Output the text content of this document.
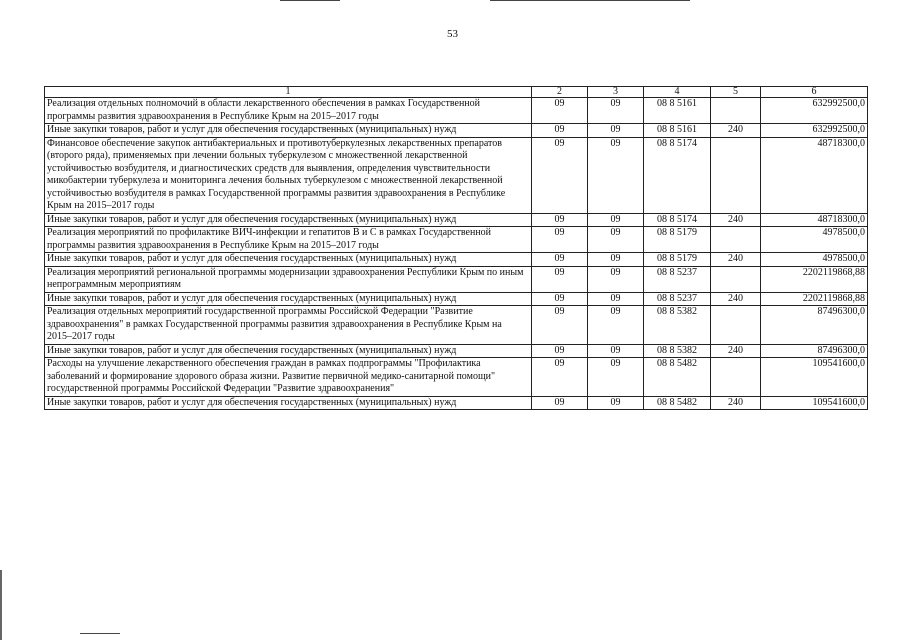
53
1	2	3	4	5	6
Реализация отдельных полномочий в области лекарственного обеспечения в рамках Государственной программы развития здравоохранения в Республике Крым на 2015–2017 годы	09	09	08 8 5161		632992500,0
Иные закупки товаров, работ и услуг для обеспечения государственных (муниципальных) нужд	09	09	08 8 5161	240	632992500,0
Финансовое обеспечение закупок антибактериальных и противотуберкулезных лекарственных препаратов (второго ряда), применяемых при лечении больных туберкулезом с множественной лекарственной устойчивостью возбудителя, и диагностических средств для выявления, определения чувствительности микобактерии туберкулеза и мониторинга лечения больных туберкулезом с множественной лекарственной устойчивостью возбудителя в рамках Государственной программы развития здравоохранения в Республике Крым на 2015–2017 годы	09	09	08 8 5174		48718300,0
Иные закупки товаров, работ и услуг для обеспечения государственных (муниципальных) нужд	09	09	08 8 5174	240	48718300,0
Реализация мероприятий по профилактике ВИЧ-инфекции и гепатитов В и С в рамках Государственной программы развития здравоохранения в Республике Крым на 2015–2017 годы	09	09	08 8 5179		4978500,0
Иные закупки товаров, работ и услуг для обеспечения государственных (муниципальных) нужд	09	09	08 8 5179	240	4978500,0
Реализация мероприятий региональной программы модернизации здравоохранения Республики Крым по иным непрограммным мероприятиям	09	09	08 8 5237		2202119868,88
Иные закупки товаров, работ и услуг для обеспечения государственных (муниципальных) нужд	09	09	08 8 5237	240	2202119868,88
Реализация отдельных мероприятий государственной программы Российской Федерации "Развитие здравоохранения" в рамках Государственной программы развития здравоохранения в Республике Крым на 2015–2017 годы	09	09	08 8 5382		87496300,0
Иные закупки товаров, работ и услуг для обеспечения государственных (муниципальных) нужд	09	09	08 8 5382	240	87496300,0
Расходы на улучшение лекарственного обеспечения граждан в рамках подпрограммы "Профилактика заболеваний и формирование здорового образа жизни. Развитие первичной медико-санитарной помощи" государственной программы Российской Федерации "Развитие здравоохранения"	09	09	08 8 5482		109541600,0
Иные закупки товаров, работ и услуг для обеспечения государственных (муниципальных) нужд	09	09	08 8 5482	240	109541600,0
